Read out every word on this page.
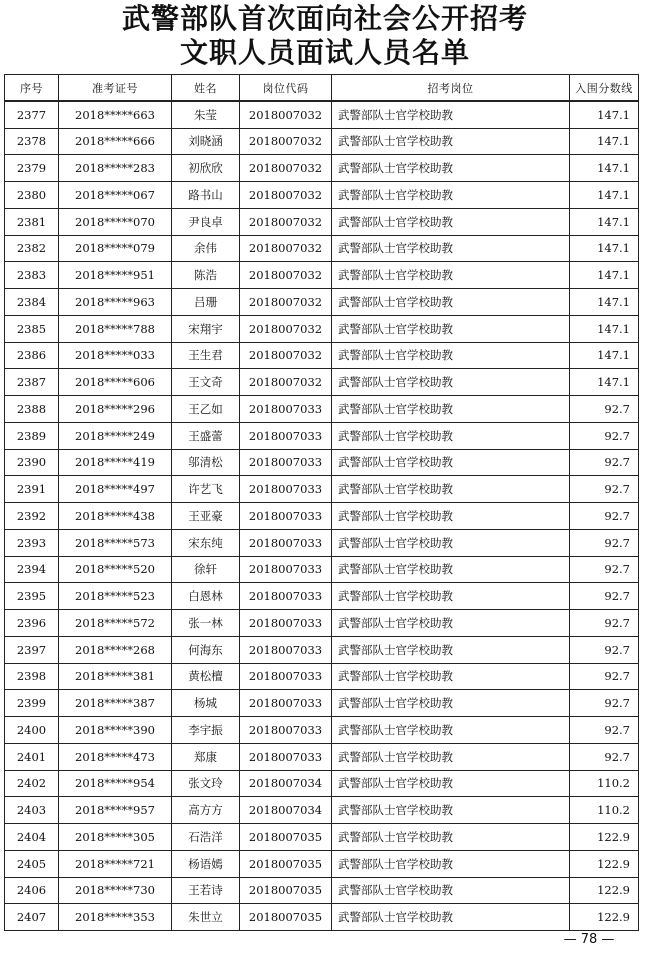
武警部队首次面向社会公开招考
文职人员面试人员名单
序号	准考证号	姓名	岗位代码	招考岗位	入围分数线
2377	2018*****663	朱莹	2018007032	武警部队士官学校助教	147.1
2378	2018*****666	刘晓涵	2018007032	武警部队士官学校助教	147.1
2379	2018*****283	初欣欣	2018007032	武警部队士官学校助教	147.1
2380	2018*****067	路书山	2018007032	武警部队士官学校助教	147.1
2381	2018*****070	尹良卓	2018007032	武警部队士官学校助教	147.1
2382	2018*****079	余伟	2018007032	武警部队士官学校助教	147.1
2383	2018*****951	陈浩	2018007032	武警部队士官学校助教	147.1
2384	2018*****963	吕珊	2018007032	武警部队士官学校助教	147.1
2385	2018*****788	宋翔宇	2018007032	武警部队士官学校助教	147.1
2386	2018*****033	王生君	2018007032	武警部队士官学校助教	147.1
2387	2018*****606	王文奇	2018007032	武警部队士官学校助教	147.1
2388	2018*****296	王乙如	2018007033	武警部队士官学校助教	92.7
2389	2018*****249	王盛蕾	2018007033	武警部队士官学校助教	92.7
2390	2018*****419	邬清松	2018007033	武警部队士官学校助教	92.7
2391	2018*****497	许艺飞	2018007033	武警部队士官学校助教	92.7
2392	2018*****438	王亚豪	2018007033	武警部队士官学校助教	92.7
2393	2018*****573	宋东纯	2018007033	武警部队士官学校助教	92.7
2394	2018*****520	徐轩	2018007033	武警部队士官学校助教	92.7
2395	2018*****523	白恩林	2018007033	武警部队士官学校助教	92.7
2396	2018*****572	张一林	2018007033	武警部队士官学校助教	92.7
2397	2018*****268	何海东	2018007033	武警部队士官学校助教	92.7
2398	2018*****381	黄松檀	2018007033	武警部队士官学校助教	92.7
2399	2018*****387	杨城	2018007033	武警部队士官学校助教	92.7
2400	2018*****390	李宇振	2018007033	武警部队士官学校助教	92.7
2401	2018*****473	郑康	2018007033	武警部队士官学校助教	92.7
2402	2018*****954	张文玲	2018007034	武警部队士官学校助教	110.2
2403	2018*****957	高方方	2018007034	武警部队士官学校助教	110.2
2404	2018*****305	石浩洋	2018007035	武警部队士官学校助教	122.9
2405	2018*****721	杨语嫣	2018007035	武警部队士官学校助教	122.9
2406	2018*****730	王若诗	2018007035	武警部队士官学校助教	122.9
2407	2018*****353	朱世立	2018007035	武警部队士官学校助教	122.9
— 78 —
